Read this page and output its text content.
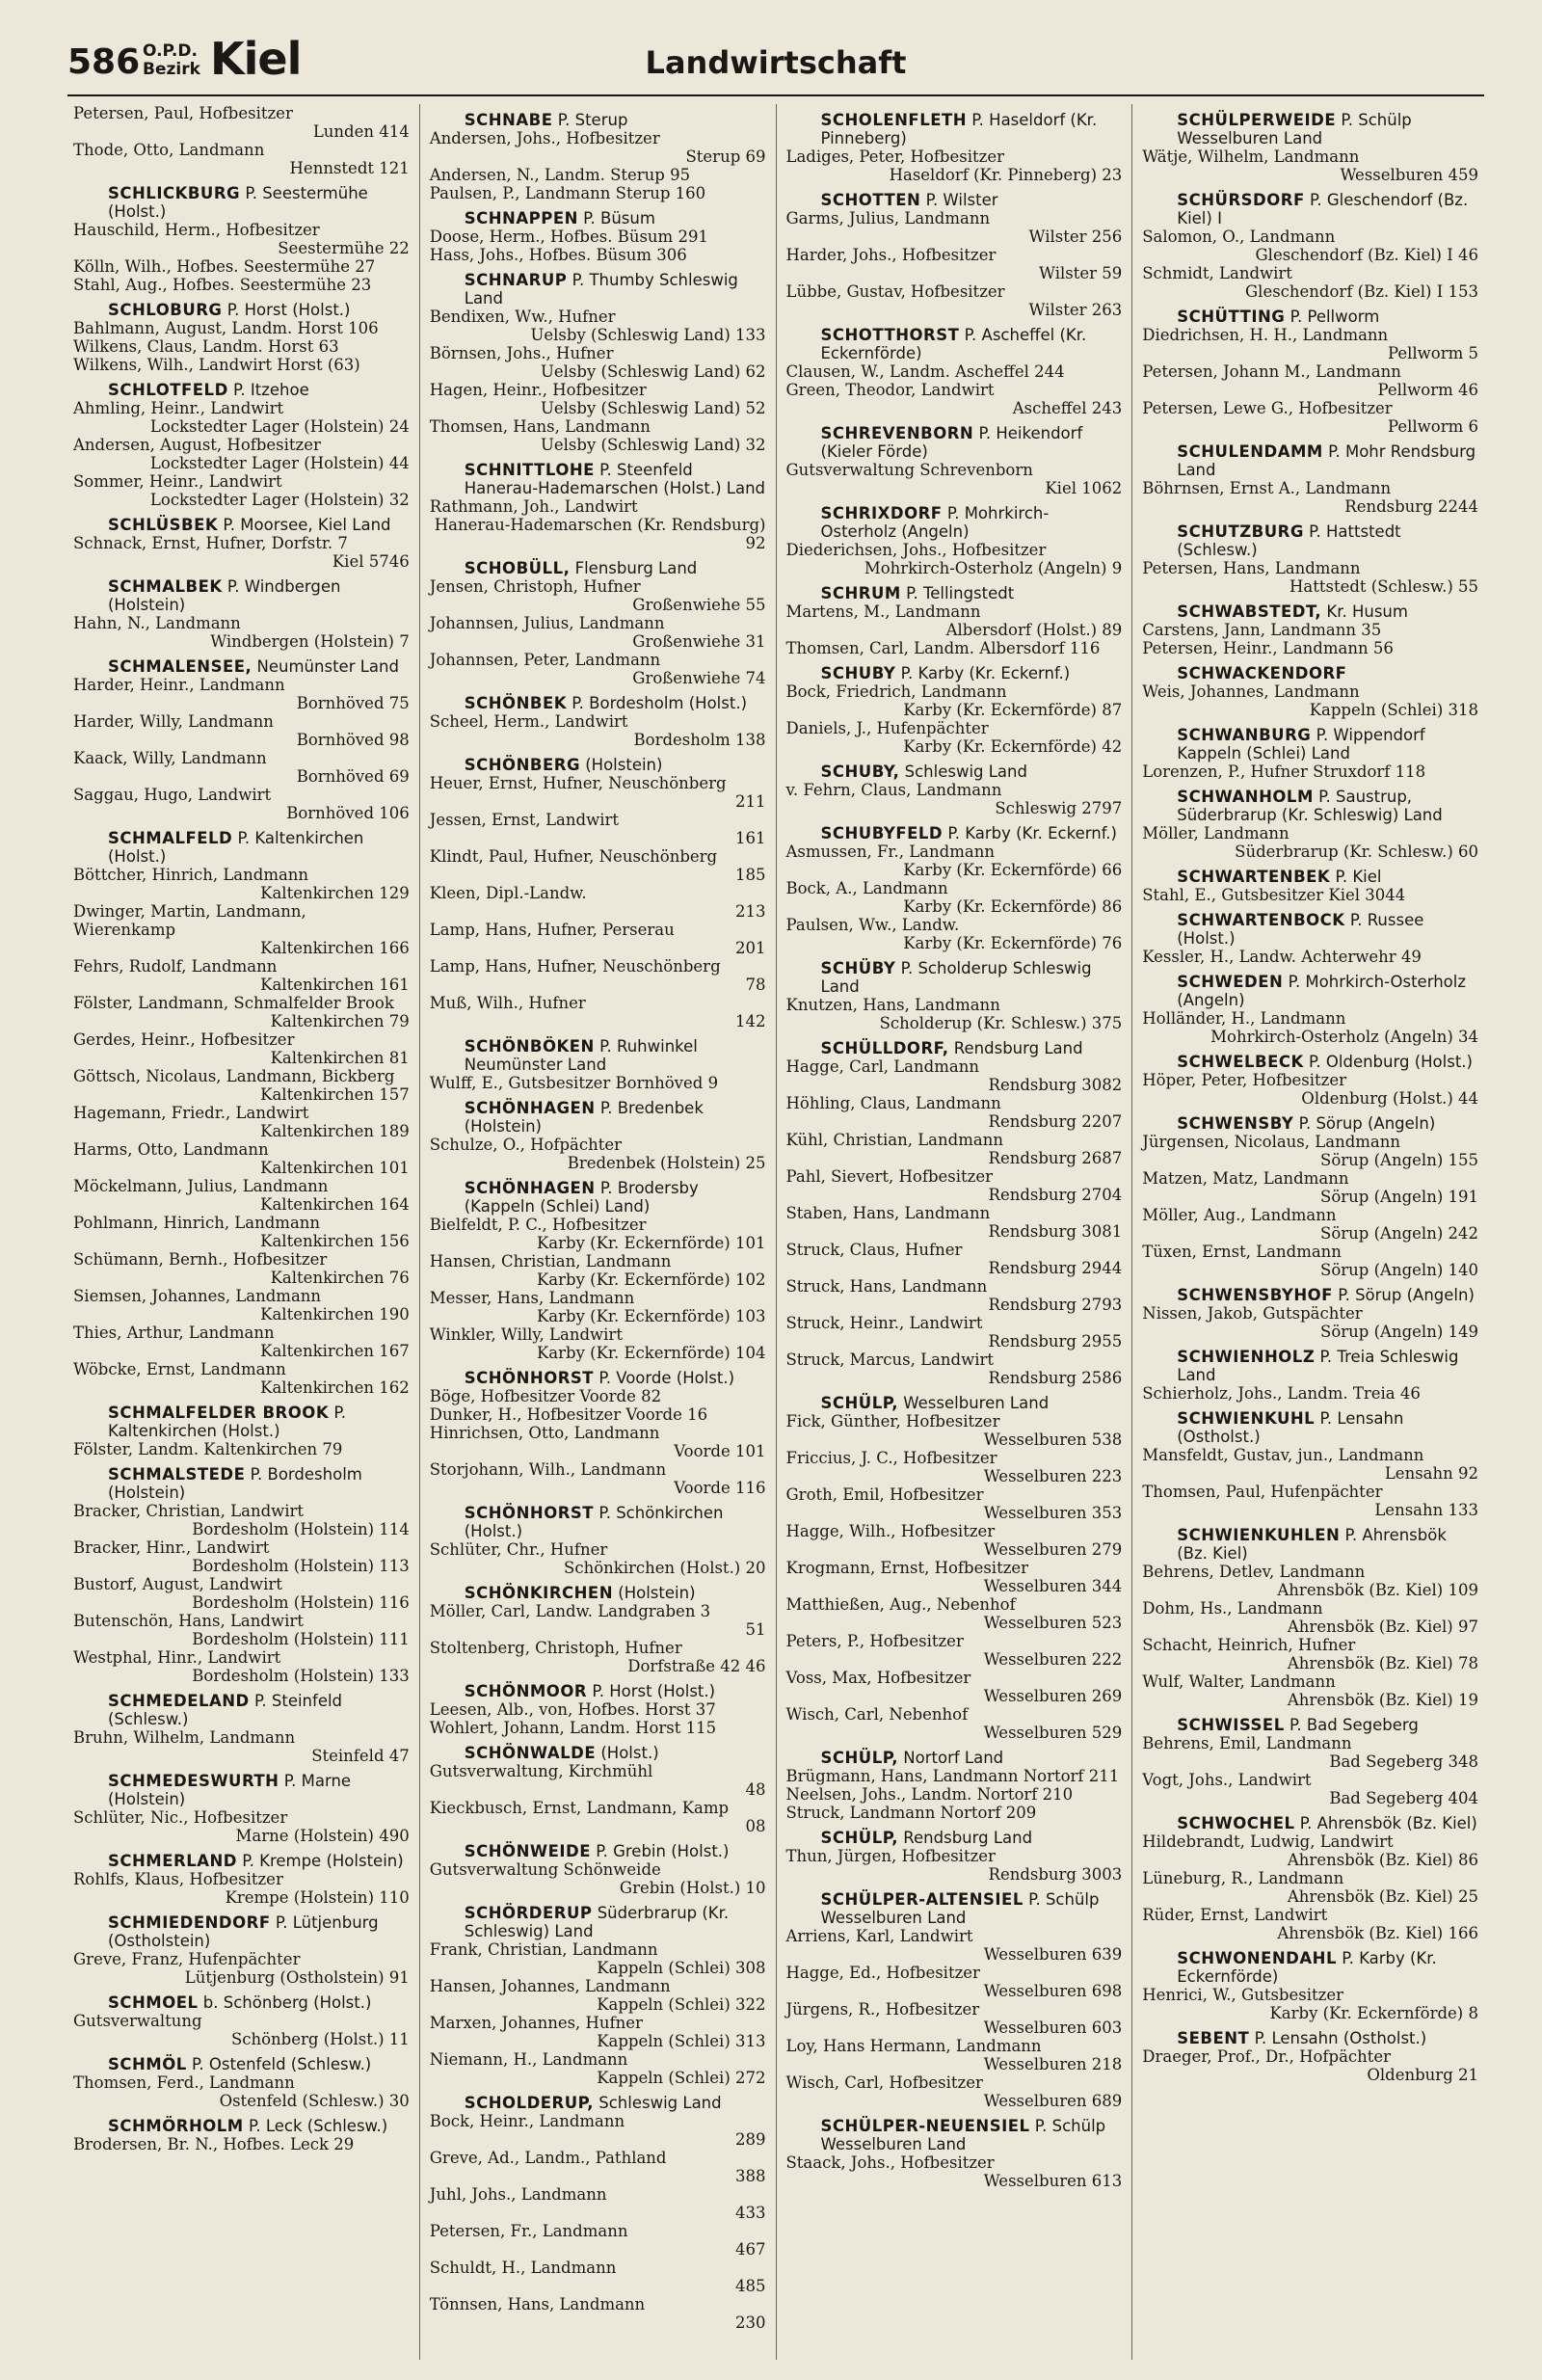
586 O.P.D.
Bezirk Kiel	Landwirtschaft
Petersen, Paul, Hofbesitzer
Lunden 414
Thode, Otto, Landmann
Hennstedt 121
SCHLICKBURG P. Seestermühe (Holst.)
Hauschild, Herm., Hofbesitzer
Seestermühe 22
Kölln, Wilh., Hofbes. Seestermühe 27
Stahl, Aug., Hofbes. Seestermühe 23
SCHLOBURG P. Horst (Holst.)
Bahlmann, August, Landm. Horst 106
Wilkens, Claus, Landm. Horst 63
Wilkens, Wilh., Landwirt Horst (63)
SCHLOTFELD P. Itzehoe
Ahmling, Heinr., Landwirt
Lockstedter Lager (Holstein) 24
Andersen, August, Hofbesitzer
Lockstedter Lager (Holstein) 44
Sommer, Heinr., Landwirt
Lockstedter Lager (Holstein) 32
SCHLÜSBEK P. Moorsee, Kiel Land
Schnack, Ernst, Hufner, Dorfstr. 7
Kiel 5746
SCHMALBEK P. Windbergen (Holstein)
Hahn, N., Landmann
Windbergen (Holstein) 7
SCHMALENSEE, Neumünster Land
Harder, Heinr., Landmann
Bornhöved 75
Harder, Willy, Landmann
Bornhöved 98
Kaack, Willy, Landmann
Bornhöved 69
Saggau, Hugo, Landwirt
Bornhöved 106
SCHMALFELD P. Kaltenkirchen (Holst.)
Böttcher, Hinrich, Landmann
Kaltenkirchen 129
Dwinger, Martin, Landmann, Wierenkamp
Kaltenkirchen 166
Fehrs, Rudolf, Landmann
Kaltenkirchen 161
Fölster, Landmann, Schmalfelder Brook
Kaltenkirchen 79
Gerdes, Heinr., Hofbesitzer
Kaltenkirchen 81
Göttsch, Nicolaus, Landmann, Bickberg
Kaltenkirchen 157
Hagemann, Friedr., Landwirt
Kaltenkirchen 189
Harms, Otto, Landmann
Kaltenkirchen 101
Möckelmann, Julius, Landmann
Kaltenkirchen 164
Pohlmann, Hinrich, Landmann
Kaltenkirchen 156
Schümann, Bernh., Hofbesitzer
Kaltenkirchen 76
Siemsen, Johannes, Landmann
Kaltenkirchen 190
Thies, Arthur, Landmann
Kaltenkirchen 167
Wöbcke, Ernst, Landmann
Kaltenkirchen 162
SCHMALFELDER BROOK P. Kaltenkirchen (Holst.)
Fölster, Landm. Kaltenkirchen 79
SCHMALSTEDE P. Bordesholm (Holstein)
Bracker, Christian, Landwirt
Bordesholm (Holstein) 114
Bracker, Hinr., Landwirt
Bordesholm (Holstein) 113
Bustorf, August, Landwirt
Bordesholm (Holstein) 116
Butenschön, Hans, Landwirt
Bordesholm (Holstein) 111
Westphal, Hinr., Landwirt
Bordesholm (Holstein) 133
SCHMEDELAND P. Steinfeld (Schlesw.)
Bruhn, Wilhelm, Landmann
Steinfeld 47
SCHMEDESWURTH P. Marne (Holstein)
Schlüter, Nic., Hofbesitzer
Marne (Holstein) 490
SCHMERLAND P. Krempe (Holstein)
Rohlfs, Klaus, Hofbesitzer
Krempe (Holstein) 110
SCHMIEDENDORF P. Lütjenburg (Ostholstein)
Greve, Franz, Hufenpächter
Lütjenburg (Ostholstein) 91
SCHMOEL b. Schönberg (Holst.)
Gutsverwaltung
Schönberg (Holst.) 11
SCHMÖL P. Ostenfeld (Schlesw.)
Thomsen, Ferd., Landmann
Ostenfeld (Schlesw.) 30
SCHMÖRHOLM P. Leck (Schlesw.)
Brodersen, Br. N., Hofbes. Leck 29
SCHNABE P. Sterup
Andersen, Johs., Hofbesitzer
Sterup 69
Andersen, N., Landm. Sterup 95
Paulsen, P., Landmann Sterup 160
SCHNAPPEN P. Büsum
Doose, Herm., Hofbes. Büsum 291
Hass, Johs., Hofbes. Büsum 306
SCHNARUP P. Thumby Schleswig Land
Bendixen, Ww., Hufner
Uelsby (Schleswig Land) 133
Börnsen, Johs., Hufner
Uelsby (Schleswig Land) 62
Hagen, Heinr., Hofbesitzer
Uelsby (Schleswig Land) 52
Thomsen, Hans, Landmann
Uelsby (Schleswig Land) 32
SCHNITTLOHE P. Steenfeld Hanerau-Hademarschen (Holst.) Land
Rathmann, Joh., Landwirt
Hanerau-Hademarschen (Kr. Rendsburg) 92
SCHOBÜLL, Flensburg Land
Jensen, Christoph, Hufner
Großenwiehe 55
Johannsen, Julius, Landmann
Großenwiehe 31
Johannsen, Peter, Landmann
Großenwiehe 74
SCHÖNBEK P. Bordesholm (Holst.)
Scheel, Herm., Landwirt
Bordesholm 138
SCHÖNBERG (Holstein)
Heuer, Ernst, Hufner, Neuschönberg
211
Jessen, Ernst, Landwirt
161
Klindt, Paul, Hufner, Neuschönberg
185
Kleen, Dipl.-Landw.
213
Lamp, Hans, Hufner, Perserau
201
Lamp, Hans, Hufner, Neuschönberg
78
Muß, Wilh., Hufner
142
SCHÖNBÖKEN P. Ruhwinkel Neumünster Land
Wulff, E., Gutsbesitzer Bornhöved 9
SCHÖNHAGEN P. Bredenbek (Holstein)
Schulze, O., Hofpächter
Bredenbek (Holstein) 25
SCHÖNHAGEN P. Brodersby (Kappeln (Schlei) Land)
Bielfeldt, P. C., Hofbesitzer
Karby (Kr. Eckernförde) 101
Hansen, Christian, Landmann
Karby (Kr. Eckernförde) 102
Messer, Hans, Landmann
Karby (Kr. Eckernförde) 103
Winkler, Willy, Landwirt
Karby (Kr. Eckernförde) 104
SCHÖNHORST P. Voorde (Holst.)
Böge, Hofbesitzer Voorde 82
Dunker, H., Hofbesitzer Voorde 16
Hinrichsen, Otto, Landmann
Voorde 101
Storjohann, Wilh., Landmann
Voorde 116
SCHÖNHORST P. Schönkirchen (Holst.)
Schlüter, Chr., Hufner
Schönkirchen (Holst.) 20
SCHÖNKIRCHEN (Holstein)
Möller, Carl, Landw. Landgraben 3
51
Stoltenberg, Christoph, Hufner
Dorfstraße 42 46
SCHÖNMOOR P. Horst (Holst.)
Leesen, Alb., von, Hofbes. Horst 37
Wohlert, Johann, Landm. Horst 115
SCHÖNWALDE (Holst.)
Gutsverwaltung, Kirchmühl
48
Kieckbusch, Ernst, Landmann, Kamp
08
SCHÖNWEIDE P. Grebin (Holst.)
Gutsverwaltung Schönweide
Grebin (Holst.) 10
SCHÖRDERUP Süderbrarup (Kr. Schleswig) Land
Frank, Christian, Landmann
Kappeln (Schlei) 308
Hansen, Johannes, Landmann
Kappeln (Schlei) 322
Marxen, Johannes, Hufner
Kappeln (Schlei) 313
Niemann, H., Landmann
Kappeln (Schlei) 272
SCHOLDERUP, Schleswig Land
Bock, Heinr., Landmann
289
Greve, Ad., Landm., Pathland
388
Juhl, Johs., Landmann
433
Petersen, Fr., Landmann
467
Schuldt, H., Landmann
485
Tönnsen, Hans, Landmann
230
SCHOLENFLETH P. Haseldorf (Kr. Pinneberg)
Ladiges, Peter, Hofbesitzer
Haseldorf (Kr. Pinneberg) 23
SCHOTTEN P. Wilster
Garms, Julius, Landmann
Wilster 256
Harder, Johs., Hofbesitzer
Wilster 59
Lübbe, Gustav, Hofbesitzer
Wilster 263
SCHOTTHORST P. Ascheffel (Kr. Eckernförde)
Clausen, W., Landm. Ascheffel 244
Green, Theodor, Landwirt
Ascheffel 243
SCHREVENBORN P. Heikendorf (Kieler Förde)
Gutsverwaltung Schrevenborn
Kiel 1062
SCHRIXDORF P. Mohrkirch-Osterholz (Angeln)
Diederichsen, Johs., Hofbesitzer
Mohrkirch-Osterholz (Angeln) 9
SCHRUM P. Tellingstedt
Martens, M., Landmann
Albersdorf (Holst.) 89
Thomsen, Carl, Landm. Albersdorf 116
SCHUBY P. Karby (Kr. Eckernf.)
Bock, Friedrich, Landmann
Karby (Kr. Eckernförde) 87
Daniels, J., Hufenpächter
Karby (Kr. Eckernförde) 42
SCHUBY, Schleswig Land
v. Fehrn, Claus, Landmann
Schleswig 2797
SCHUBYFELD P. Karby (Kr. Eckernf.)
Asmussen, Fr., Landmann
Karby (Kr. Eckernförde) 66
Bock, A., Landmann
Karby (Kr. Eckernförde) 86
Paulsen, Ww., Landw.
Karby (Kr. Eckernförde) 76
SCHÜBY P. Scholderup Schleswig Land
Knutzen, Hans, Landmann
Scholderup (Kr. Schlesw.) 375
SCHÜLLDORF, Rendsburg Land
Hagge, Carl, Landmann
Rendsburg 3082
Höhling, Claus, Landmann
Rendsburg 2207
Kühl, Christian, Landmann
Rendsburg 2687
Pahl, Sievert, Hofbesitzer
Rendsburg 2704
Staben, Hans, Landmann
Rendsburg 3081
Struck, Claus, Hufner
Rendsburg 2944
Struck, Hans, Landmann
Rendsburg 2793
Struck, Heinr., Landwirt
Rendsburg 2955
Struck, Marcus, Landwirt
Rendsburg 2586
SCHÜLP, Wesselburen Land
Fick, Günther, Hofbesitzer
Wesselburen 538
Friccius, J. C., Hofbesitzer
Wesselburen 223
Groth, Emil, Hofbesitzer
Wesselburen 353
Hagge, Wilh., Hofbesitzer
Wesselburen 279
Krogmann, Ernst, Hofbesitzer
Wesselburen 344
Matthießen, Aug., Nebenhof
Wesselburen 523
Peters, P., Hofbesitzer
Wesselburen 222
Voss, Max, Hofbesitzer
Wesselburen 269
Wisch, Carl, Nebenhof
Wesselburen 529
SCHÜLP, Nortorf Land
Brügmann, Hans, Landmann Nortorf 211
Neelsen, Johs., Landm. Nortorf 210
Struck, Landmann Nortorf 209
SCHÜLP, Rendsburg Land
Thun, Jürgen, Hofbesitzer
Rendsburg 3003
SCHÜLPER-ALTENSIEL P. Schülp Wesselburen Land
Arriens, Karl, Landwirt
Wesselburen 639
Hagge, Ed., Hofbesitzer
Wesselburen 698
Jürgens, R., Hofbesitzer
Wesselburen 603
Loy, Hans Hermann, Landmann
Wesselburen 218
Wisch, Carl, Hofbesitzer
Wesselburen 689
SCHÜLPER-NEUENSIEL P. Schülp Wesselburen Land
Staack, Johs., Hofbesitzer
Wesselburen 613
SCHÜLPERWEIDE P. Schülp Wesselburen Land
Wätje, Wilhelm, Landmann
Wesselburen 459
SCHÜRSDORF P. Gleschendorf (Bz. Kiel) I
Salomon, O., Landmann
Gleschendorf (Bz. Kiel) I 46
Schmidt, Landwirt
Gleschendorf (Bz. Kiel) I 153
SCHÜTTING P. Pellworm
Diedrichsen, H. H., Landmann
Pellworm 5
Petersen, Johann M., Landmann
Pellworm 46
Petersen, Lewe G., Hofbesitzer
Pellworm 6
SCHULENDAMM P. Mohr Rendsburg Land
Böhrnsen, Ernst A., Landmann
Rendsburg 2244
SCHUTZBURG P. Hattstedt (Schlesw.)
Petersen, Hans, Landmann
Hattstedt (Schlesw.) 55
SCHWABSTEDT, Kr. Husum
Carstens, Jann, Landmann 35
Petersen, Heinr., Landmann 56
SCHWACKENDORF
Weis, Johannes, Landmann
Kappeln (Schlei) 318
SCHWANBURG P. Wippendorf Kappeln (Schlei) Land
Lorenzen, P., Hufner Struxdorf 118
SCHWANHOLM P. Saustrup, Süderbrarup (Kr. Schleswig) Land
Möller, Landmann
Süderbrarup (Kr. Schlesw.) 60
SCHWARTENBEK P. Kiel
Stahl, E., Gutsbesitzer Kiel 3044
SCHWARTENBOCK P. Russee (Holst.)
Kessler, H., Landw. Achterwehr 49
SCHWEDEN P. Mohrkirch-Osterholz (Angeln)
Holländer, H., Landmann
Mohrkirch-Osterholz (Angeln) 34
SCHWELBECK P. Oldenburg (Holst.)
Höper, Peter, Hofbesitzer
Oldenburg (Holst.) 44
SCHWENSBY P. Sörup (Angeln)
Jürgensen, Nicolaus, Landmann
Sörup (Angeln) 155
Matzen, Matz, Landmann
Sörup (Angeln) 191
Möller, Aug., Landmann
Sörup (Angeln) 242
Tüxen, Ernst, Landmann
Sörup (Angeln) 140
SCHWENSBYHOF P. Sörup (Angeln)
Nissen, Jakob, Gutspächter
Sörup (Angeln) 149
SCHWIENHOLZ P. Treia Schleswig Land
Schierholz, Johs., Landm. Treia 46
SCHWIENKUHL P. Lensahn (Ostholst.)
Mansfeldt, Gustav, jun., Landmann
Lensahn 92
Thomsen, Paul, Hufenpächter
Lensahn 133
SCHWIENKUHLEN P. Ahrensbök (Bz. Kiel)
Behrens, Detlev, Landmann
Ahrensbök (Bz. Kiel) 109
Dohm, Hs., Landmann
Ahrensbök (Bz. Kiel) 97
Schacht, Heinrich, Hufner
Ahrensbök (Bz. Kiel) 78
Wulf, Walter, Landmann
Ahrensbök (Bz. Kiel) 19
SCHWISSEL P. Bad Segeberg
Behrens, Emil, Landmann
Bad Segeberg 348
Vogt, Johs., Landwirt
Bad Segeberg 404
SCHWOCHEL P. Ahrensbök (Bz. Kiel)
Hildebrandt, Ludwig, Landwirt
Ahrensbök (Bz. Kiel) 86
Lüneburg, R., Landmann
Ahrensbök (Bz. Kiel) 25
Rüder, Ernst, Landwirt
Ahrensbök (Bz. Kiel) 166
SCHWONENDAHL P. Karby (Kr. Eckernförde)
Henrici, W., Gutsbesitzer
Karby (Kr. Eckernförde) 8
SEBENT P. Lensahn (Ostholst.)
Draeger, Prof., Dr., Hofpächter
Oldenburg 21
